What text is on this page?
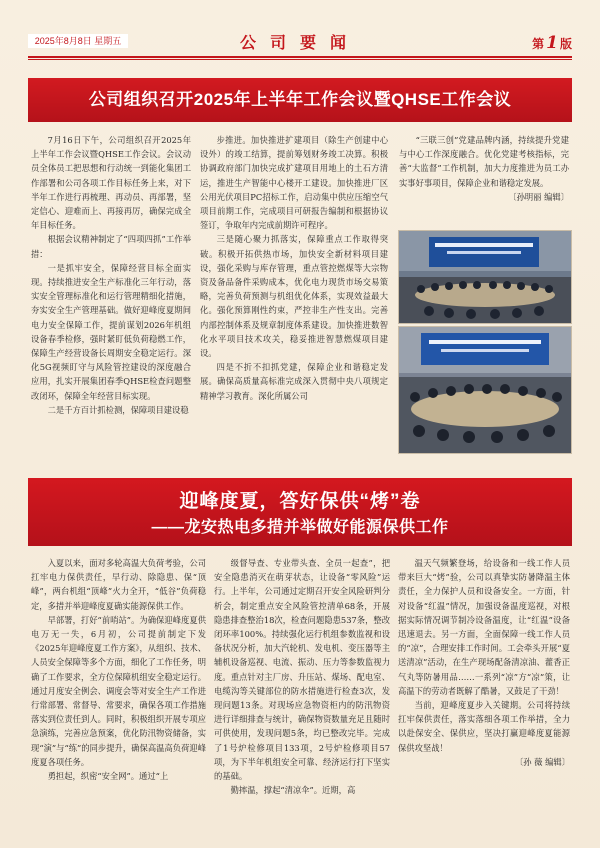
2025年8月8日 星期五	公司要闻	第 1 版
公司组织召开2025年上半年工作会议暨QHSE工作会议

7月16日下午，公司组织召开2025年上半年工作会议暨QHSE工作会议。会议动员全体员工把思想和行动统一到能化集团工作部署和公司各项工作目标任务上来，对下半年工作进行再梳理、再动员、再部署，坚定信心、迎难而上、再接再厉，确保完成全年目标任务。

根据会议精神制定了“四项四抓”工作举措：

一是抓牢安全，保障经营目标全面实现。持续推进安全生产标准化三年行动，落实安全管理标准化和运行管理精细化措施，夯实安全生产管理基础。做好迎峰度夏期间电力安全保障工作，提前谋划2026年机组设备春季检修，强时紧盯低负荷稳燃工作，保障生产经营设备长周期安全稳定运行。深化5G视频盯守与风险管控建设的深度融合应用，扎实开展集团春季QHSE检查问题整改闭环，保障全年经营目标实现。

二是千方百计抓检测，保障项目建设稳

步推进。加快推进扩建项目（除生产创建中心设外）的竣工结算，提前筹划财务竣工决算。积极协调政府部门加快完成扩建项目用地上的土石方清运，推进生产智能中心楼开工建设。加快推进厂区公用光伏项目PC招标工作，启动集中供应压缩空气项目前期工作，完成项目可研报告编制和根据协议签订，争取年内完成前期许可程序。

三是随心聚力抓落实，保障重点工作取得突破。积极开拓供热市场，加快安全新材料项目建设，强化采购与库存管理，重点管控燃煤等大宗物资及备品备件采购成本，优化电力现货市场交易策略，完善负荷预测与机组优化体系，实现效益最大化。强化预算刚性约束，严控非生产性支出。完善内部控制体系及规章制度体系建设。加快推进数智化水平项目技术攻关，稳妥推进智慧燃煤项目建设。

四是不折不扣抓党建，保障企业和谐稳定发展。确保高质量高标准完成深入贯彻中央八项规定精神学习教育。深化所属公司

“三联三创”党建品牌内涵，持续提升党建与中心工作深度融合。优化党建考核指标，完善“大监督”工作机制，加大力度推进为员工办实事好事项目，保障企业和谐稳定发展。

〔孙明丽 编辑〕

迎峰度夏，答好保供“烤”卷
——龙安热电多措并举做好能源保供工作

入夏以来，面对多轮高温大负荷考验，公司扛牢电力保供责任，早行动、除隐患、保“顶峰”，两台机组“顶峰”火力全开，“低谷”负荷稳定，多措并举迎峰度夏确实能源保供工作。

早部署，打好“前哨站”。为确保迎峰度夏供电万无一失，6月初，公司提前制定下发《2025年迎峰度夏工作方案》，从组织、技术、人员安全保障等多个方面，细化了工作任务，明确了工作要求，全方位保障机组安全稳定运行。通过月度安全例会、调度会等对安全生产工作进行常部署、常督导、常要求，确保各项工作措施落实到位责任到人。同时，积极组织开展专项应急演练，完善应急预案，优化防汛物资储备，实现“演”与“练”的同步提升，确保高温高负荷迎峰度夏各项任务。

勇担起，织密“安全网”。通过“上

级督导查、专业带头查、全员一起查”，把安全隐患消灭在萌芽状态，让设备“零风险”运行。上半年，公司通过定期召开安全风险研判分析会，制定重点安全风险管控清单68条，开展隐患排查整治18次，检查问题隐患537条，整改闭环率100%。持续强化运行机组参数监视和设备状况分析，加大汽轮机、发电机、变压器等主辅机设备巡视、电流、振动、压力等参数监视力度。重点针对主厂房、升压站、煤场、配电室、电缆沟等关键部位的防水措施进行检查3次，发现问题13条。对现场应急物资柜内的防汛物资进行详细排查与统计，确保物资数量充足且随时可供使用，发现问题5条，均已整改完毕。完成了1号炉检修项目133项，2号炉检修项目57项，为下半年机组安全可靠、经济运行打下坚实的基础。

勤摔温，撑起“清凉伞”。近期，高

温天气频繁登场，给设备和一线工作人员带来巨大“烤”验，公司以真挚实防暑降温主体责任，全力保护人员和设备安全。一方面，针对设备“红温”情况，加强设备温度巡视，对根据实际情况调节制冷设备温度，让“红温”设备迅速退去。另一方面，全面保障一线工作人员的“凉”，合理安排工作时间。工会牵头开展“夏送清凉”活动，在生产现场配备清凉油、藿香正气丸等防暑用品……一系列“凉”方“凉”策，让高温下的劳动者既解了酷暑，又鼓足了干劲！

当前，迎峰度夏步入关键期。公司将持续扛牢保供责任，落实落细各项工作举措，全力以赴保安全、保供应，坚决打赢迎峰度夏能源保供攻坚战！

〔孙 薇 编辑〕
